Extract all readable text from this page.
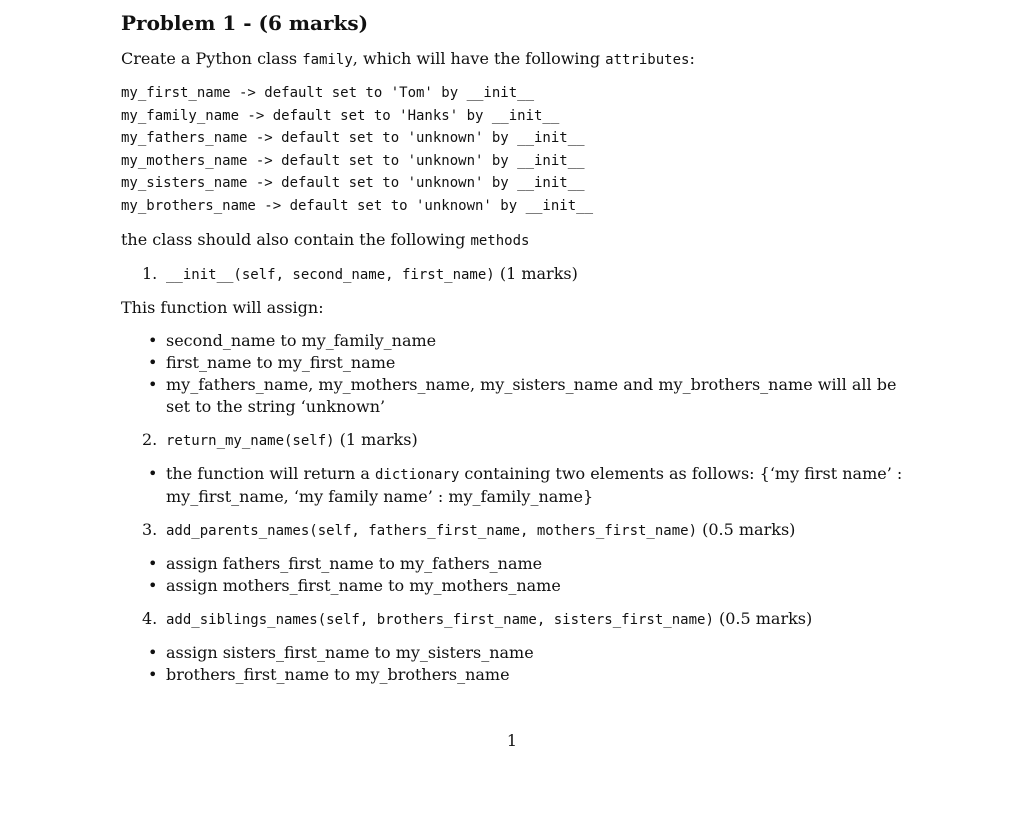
Problem 1 - (6 marks)

Create a Python class family, which will have the following attributes:

my_first_name -> default set to 'Tom' by __init__
my_family_name -> default set to 'Hanks' by __init__
my_fathers_name -> default set to 'unknown' by __init__
my_mothers_name -> default set to 'unknown' by __init__
my_sisters_name -> default set to 'unknown' by __init__
my_brothers_name -> default set to 'unknown' by __init__

the class should also contain the following methods

1. __init__(self, second_name, first_name) (1 marks)

This function will assign:

• second_name to my_family_name
• first_name to my_first_name
• my_fathers_name, my_mothers_name, my_sisters_name and my_brothers_name will all be set to the string ‘unknown’
2. return_my_name(self) (1 marks)
• the function will return a dictionary containing two elements as follows: {‘my first name’ : my_first_name, ‘my family name’ : my_family_name}
3. add_parents_names(self, fathers_first_name, mothers_first_name) (0.5 marks)
• assign fathers_first_name to my_fathers_name
• assign mothers_first_name to my_mothers_name
4. add_siblings_names(self, brothers_first_name, sisters_first_name) (0.5 marks)
• assign sisters_first_name to my_sisters_name
• brothers_first_name to my_brothers_name
1
